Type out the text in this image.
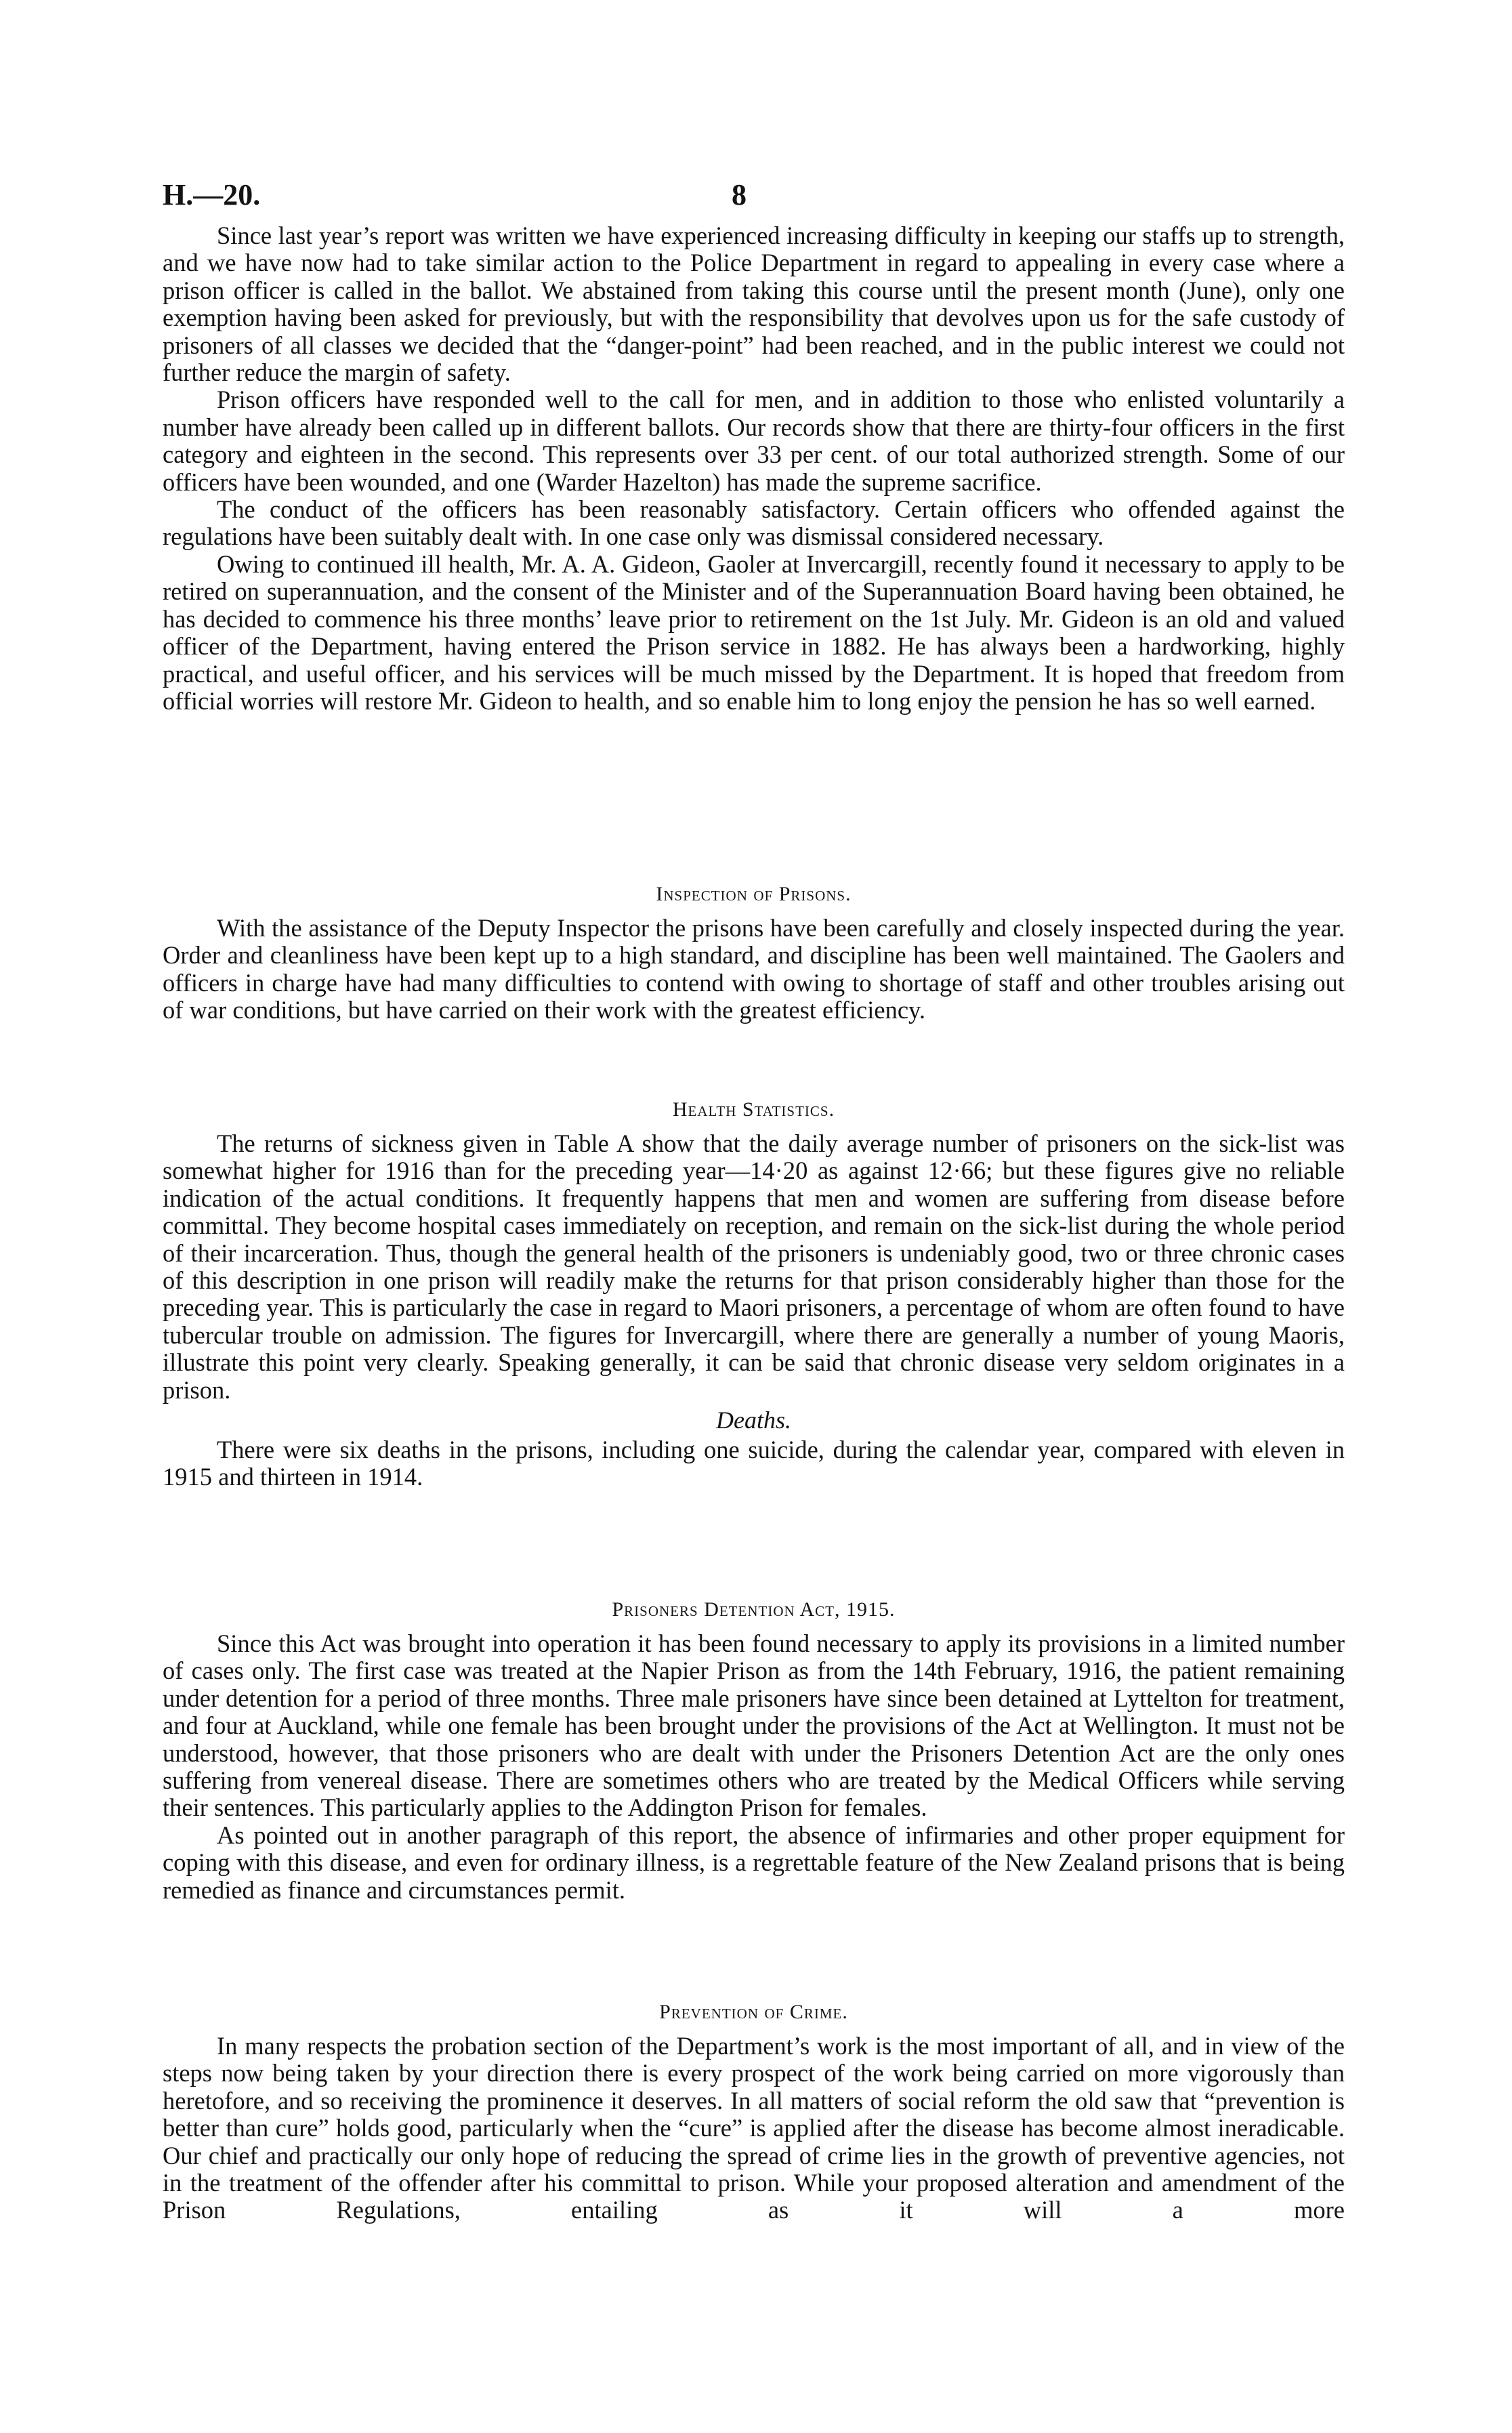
H.—20.	8

Since last year’s report was written we have experienced increasing difficulty in keeping our staffs up to strength, and we have now had to take similar action to the Police Department in regard to appealing in every case where a prison officer is called in the ballot. We abstained from taking this course until the present month (June), only one exemption having been asked for previously, but with the responsibility that devolves upon us for the safe custody of prisoners of all classes we decided that the “danger-point” had been reached, and in the public interest we could not further reduce the margin of safety.

Prison officers have responded well to the call for men, and in addition to those who enlisted voluntarily a number have already been called up in different ballots. Our records show that there are thirty-four officers in the first category and eighteen in the second. This represents over 33 per cent. of our total authorized strength. Some of our officers have been wounded, and one (Warder Hazelton) has made the supreme sacrifice.

The conduct of the officers has been reasonably satisfactory. Certain officers who offended against the regulations have been suitably dealt with. In one case only was dismissal considered necessary.

Owing to continued ill health, Mr. A. A. Gideon, Gaoler at Invercargill, recently found it necessary to apply to be retired on superannuation, and the consent of the Minister and of the Superannuation Board having been obtained, he has decided to commence his three months’ leave prior to retirement on the 1st July. Mr. Gideon is an old and valued officer of the Department, having entered the Prison service in 1882. He has always been a hardworking, highly practical, and useful officer, and his services will be much missed by the Department. It is hoped that freedom from official worries will restore Mr. Gideon to health, and so enable him to long enjoy the pension he has so well earned.

Inspection of Prisons.

With the assistance of the Deputy Inspector the prisons have been carefully and closely inspected during the year. Order and cleanliness have been kept up to a high standard, and discipline has been well maintained. The Gaolers and officers in charge have had many difficulties to contend with owing to shortage of staff and other troubles arising out of war conditions, but have carried on their work with the greatest efficiency.

Health Statistics.

The returns of sickness given in Table A show that the daily average number of prisoners on the sick-list was somewhat higher for 1916 than for the preceding year—14·20 as against 12·66; but these figures give no reliable indication of the actual conditions. It frequently happens that men and women are suffering from disease before committal. They become hospital cases immediately on reception, and remain on the sick-list during the whole period of their incarceration. Thus, though the general health of the prisoners is undeniably good, two or three chronic cases of this description in one prison will readily make the returns for that prison considerably higher than those for the preceding year. This is particularly the case in regard to Maori prisoners, a percentage of whom are often found to have tubercular trouble on admission. The figures for Invercargill, where there are generally a number of young Maoris, illustrate this point very clearly. Speaking generally, it can be said that chronic disease very seldom originates in a prison.

Deaths.

There were six deaths in the prisons, including one suicide, during the calendar year, compared with eleven in 1915 and thirteen in 1914.

Prisoners Detention Act, 1915.

Since this Act was brought into operation it has been found necessary to apply its provisions in a limited number of cases only. The first case was treated at the Napier Prison as from the 14th February, 1916, the patient remaining under detention for a period of three months. Three male prisoners have since been detained at Lyttelton for treatment, and four at Auckland, while one female has been brought under the provisions of the Act at Wellington. It must not be understood, however, that those prisoners who are dealt with under the Prisoners Detention Act are the only ones suffering from venereal disease. There are sometimes others who are treated by the Medical Officers while serving their sentences. This particularly applies to the Addington Prison for females.

As pointed out in another paragraph of this report, the absence of infirmaries and other proper equipment for coping with this disease, and even for ordinary illness, is a regrettable feature of the New Zealand prisons that is being remedied as finance and circumstances permit.

Prevention of Crime.

In many respects the probation section of the Department’s work is the most important of all, and in view of the steps now being taken by your direction there is every prospect of the work being carried on more vigorously than heretofore, and so receiving the prominence it deserves. In all matters of social reform the old saw that “prevention is better than cure” holds good, particularly when the “cure” is applied after the disease has become almost ineradicable. Our chief and practically our only hope of reducing the spread of crime lies in the growth of preventive agencies, not in the treatment of the offender after his committal to prison. While your proposed alteration and amendment of the Prison Regulations, entailing as it will a more
